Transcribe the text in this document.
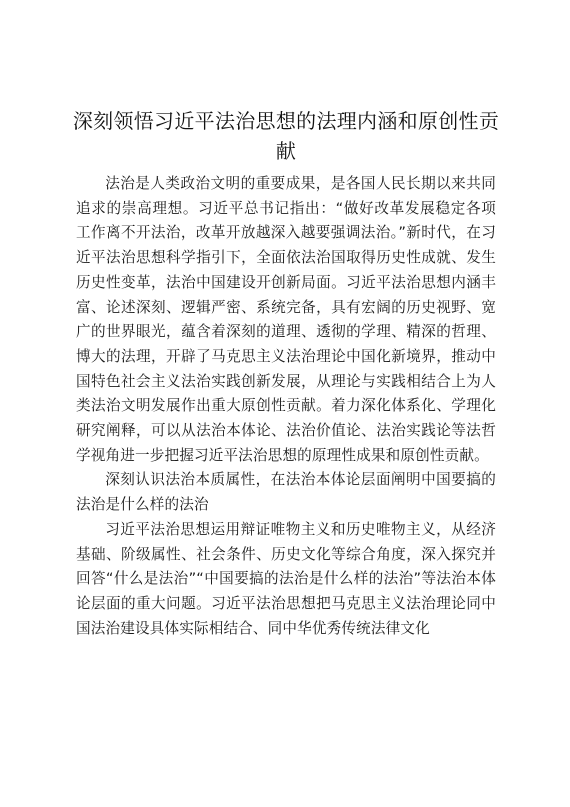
深刻领悟习近平法治思想的法理内涵和原创性贡献

法治是人类政治文明的重要成果，是各国人民长期以来共同追求的崇高理想。习近平总书记指出：“做好改革发展稳定各项工作离不开法治，改革开放越深入越要强调法治。”新时代，在习近平法治思想科学指引下，全面依法治国取得历史性成就、发生历史性变革，法治中国建设开创新局面。习近平法治思想内涵丰富、论述深刻、逻辑严密、系统完备，具有宏阔的历史视野、宽广的世界眼光，蕴含着深刻的道理、透彻的学理、精深的哲理、博大的法理，开辟了马克思主义法治理论中国化新境界，推动中国特色社会主义法治实践创新发展，从理论与实践相结合上为人类法治文明发展作出重大原创性贡献。着力深化体系化、学理化研究阐释，可以从法治本体论、法治价值论、法治实践论等法哲学视角进一步把握习近平法治思想的原理性成果和原创性贡献。

深刻认识法治本质属性，在法治本体论层面阐明中国要搞的法治是什么样的法治

习近平法治思想运用辩证唯物主义和历史唯物主义，从经济基础、阶级属性、社会条件、历史文化等综合角度，深入探究并回答“什么是法治”“中国要搞的法治是什么样的法治”等法治本体论层面的重大问题。习近平法治思想把马克思主义法治理论同中国法治建设具体实际相结合、同中华优秀传统法律文化
